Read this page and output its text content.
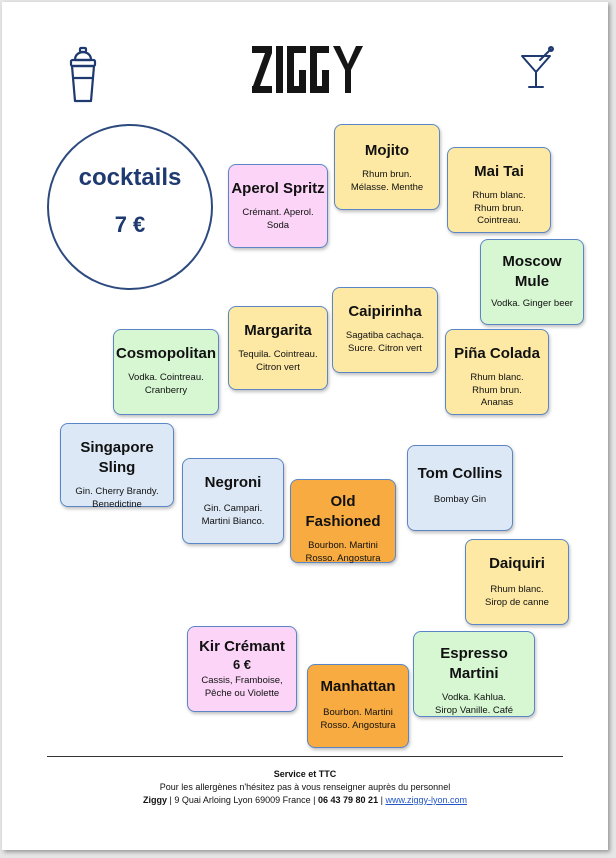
cocktails
7 €
Aperol Spritz
Crémant. Aperol. Soda
Mojito
Rhum brun. Mélasse. Menthe
Mai Tai
Rhum blanc. Rhum brun. Cointreau.
Moscow Mule
Vodka. Ginger beer
Margarita
Tequila. Cointreau. Citron vert
Caipirinha
Sagatiba cachaça. Sucre. Citron vert
Cosmopolitan
Vodka. Cointreau. Cranberry
Piña Colada
Rhum blanc. Rhum brun. Ananas
Singapore Sling
Gin. Cherry Brandy. Benedictine
Negroni
Gin. Campari. Martini Bianco.
Old Fashioned
Bourbon. Martini Rosso. Angostura
Tom Collins
Bombay Gin
Daiquiri
Rhum blanc. Sirop de canne
Kir Crémant
6 €
Cassis, Framboise, Pêche ou Violette
Espresso Martini
Vodka. Kahlua. Sirop Vanille. Café
Manhattan
Bourbon. Martini Rosso. Angostura
Service et TTC
Pour les allergènes n'hésitez pas à vous renseigner auprès du personnel
Ziggy | 9 Quai Arloing Lyon 69009 France | 06 43 79 80 21 | www.ziggy-lyon.com
